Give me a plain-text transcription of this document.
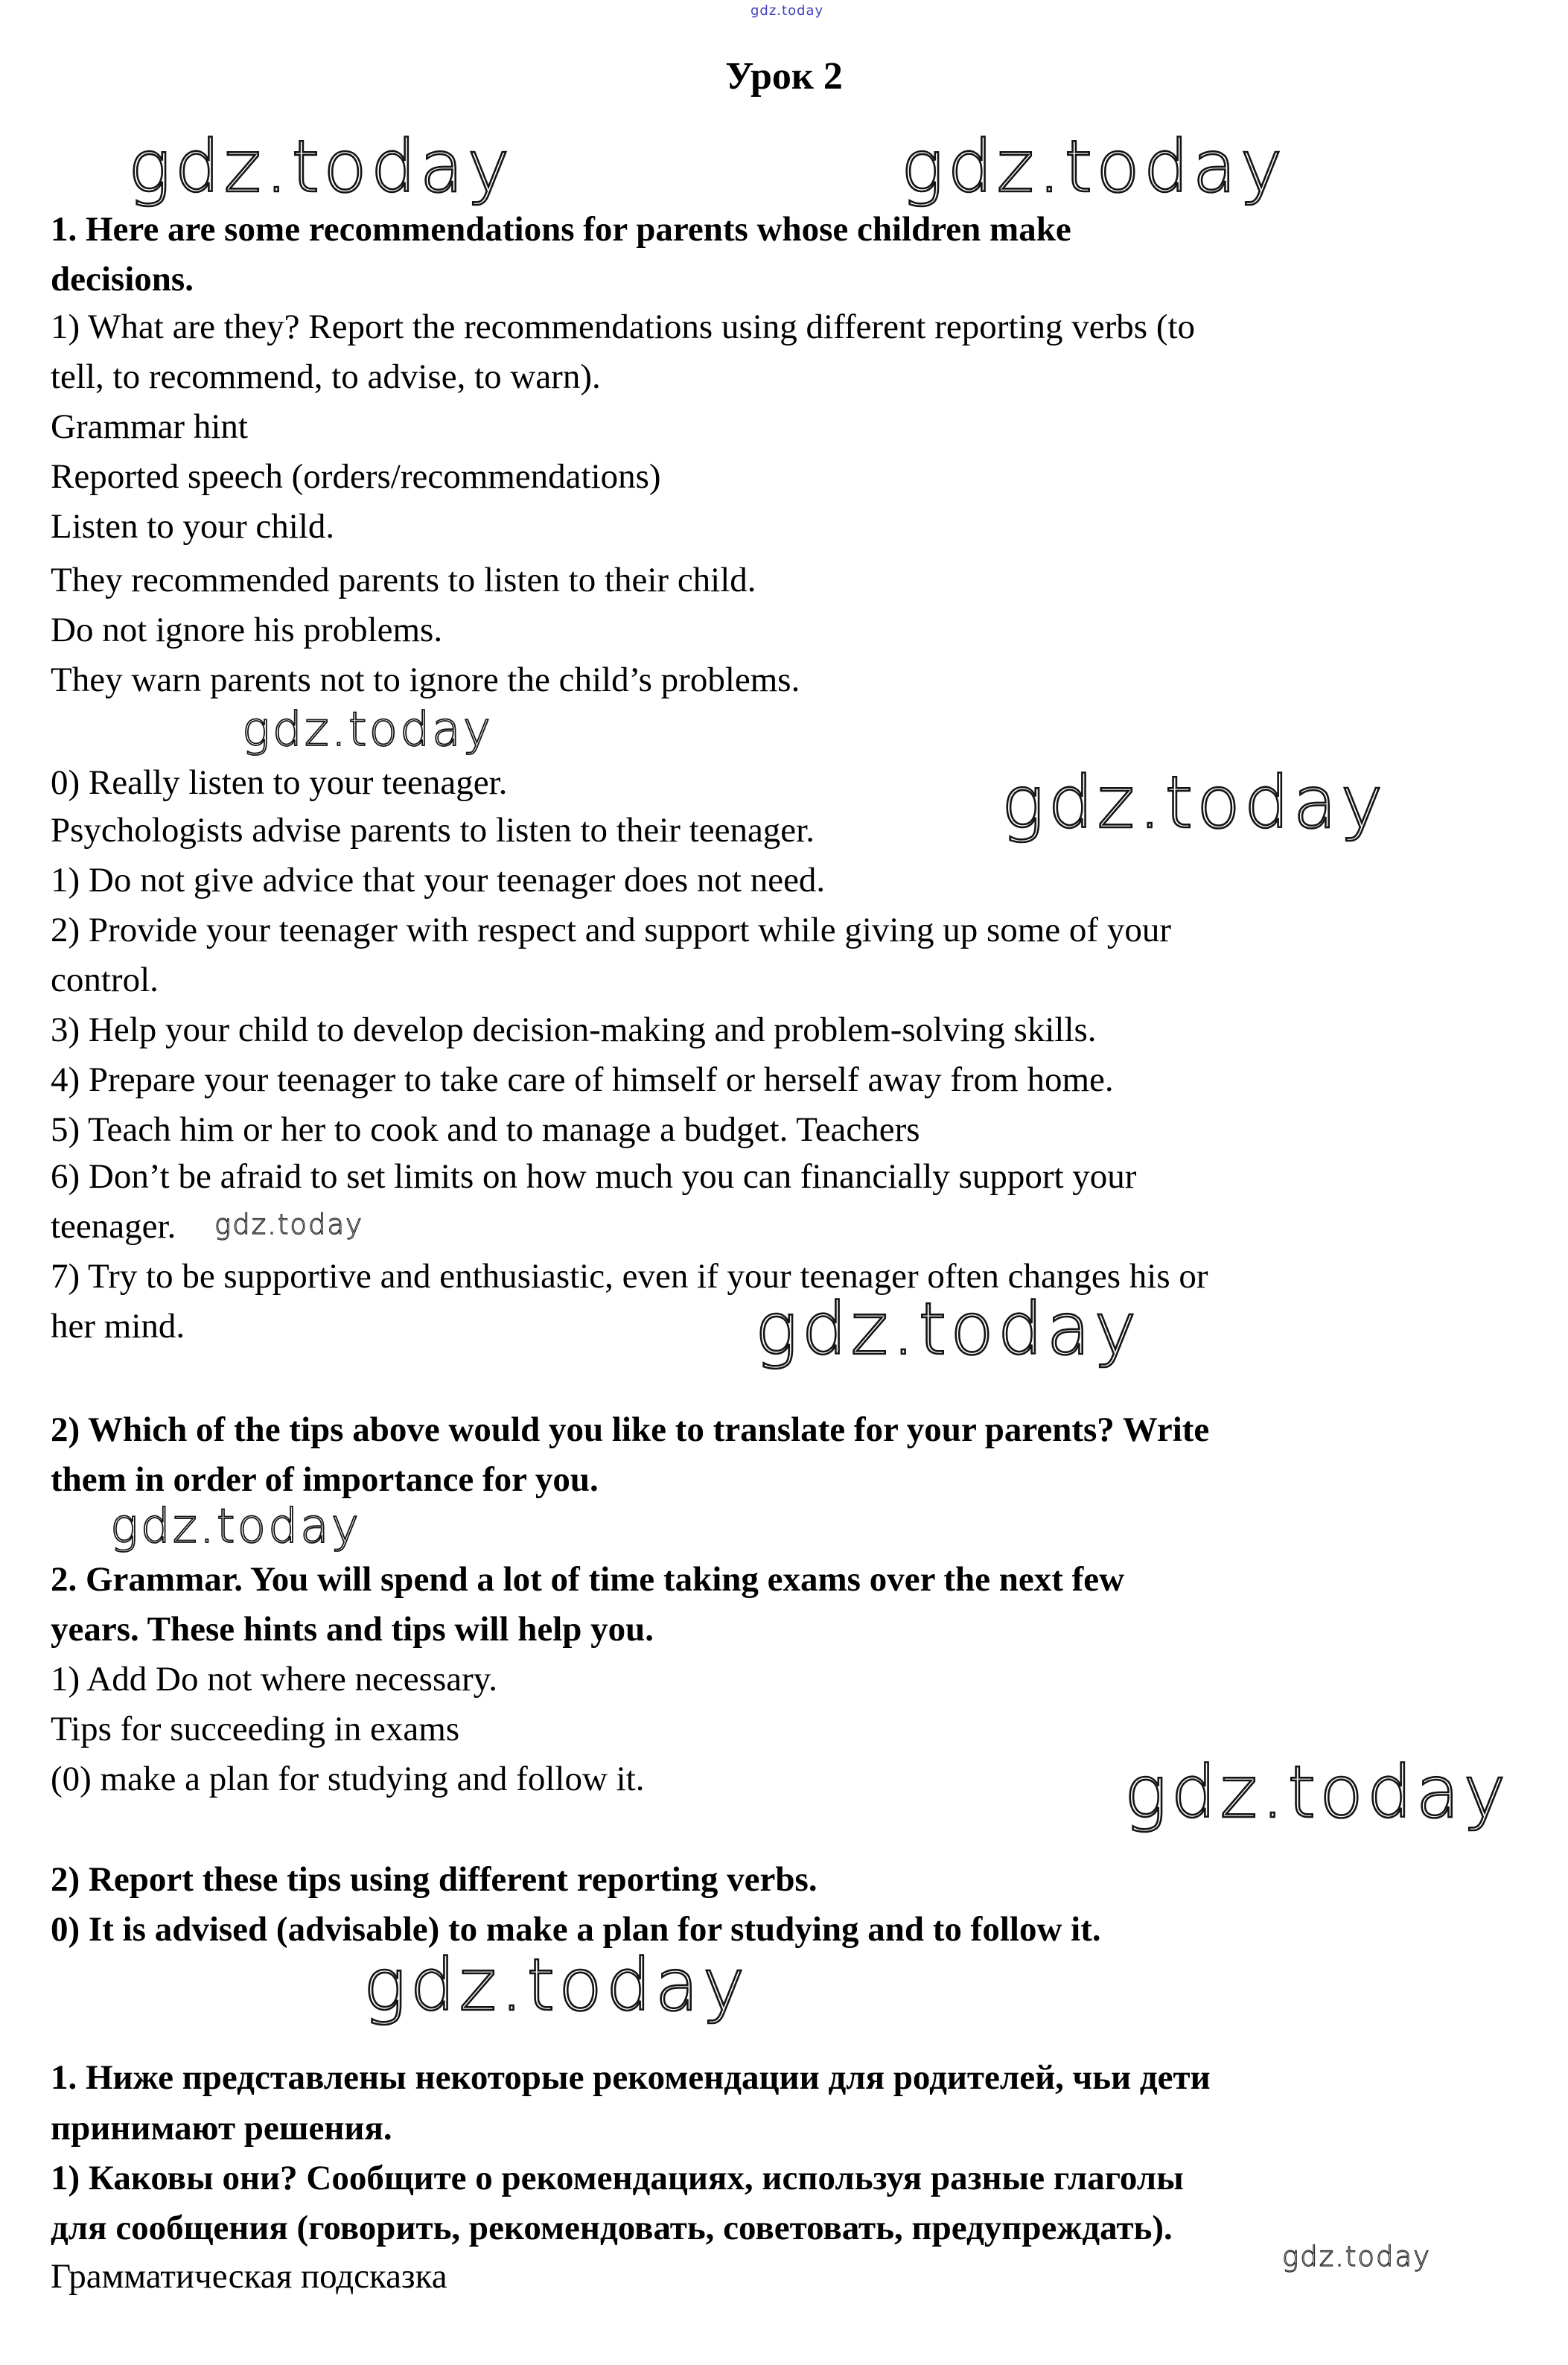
gdz.today
gdz.today	gdz.today
gdz.today
gdz.today
gdz.today
gdz.today
gdz.today
gdz.today
gdz.today
gdz.today
Урок 2
1. Here are some recommendations for parents whose children make
decisions.
1) What are they? Report the recommendations using different reporting verbs (to
tell, to recommend, to advise, to warn).
Grammar hint
Reported speech (orders/recommendations)
Listen to your child.
They recommended parents to listen to their child.
Do not ignore his problems.
They warn parents not to ignore the child’s problems.
0) Really listen to your teenager.
Psychologists advise parents to listen to their teenager.
1) Do not give advice that your teenager does not need.
2) Provide your teenager with respect and support while giving up some of your
control.
3) Help your child to develop decision-making and problem-solving skills.
4) Prepare your teenager to take care of himself or herself away from home.
5) Teach him or her to cook and to manage a budget. Teachers
6) Don’t be afraid to set limits on how much you can financially support your
teenager.
7) Try to be supportive and enthusiastic, even if your teenager often changes his or
her mind.
2) Which of the tips above would you like to translate for your parents? Write
them in order of importance for you.
2. Grammar. You will spend a lot of time taking exams over the next few
years. These hints and tips will help you.
1) Add Do not where necessary.
Tips for succeeding in exams
(0) make a plan for studying and follow it.
2) Report these tips using different reporting verbs.
0) It is advised (advisable) to make a plan for studying and to follow it.
1. Ниже представлены некоторые рекомендации для родителей, чьи дети
принимают решения.
1) Каковы они? Сообщите о рекомендациях, используя разные глаголы
для сообщения (говорить, рекомендовать, советовать, предупреждать).
Грамматическая подсказка
